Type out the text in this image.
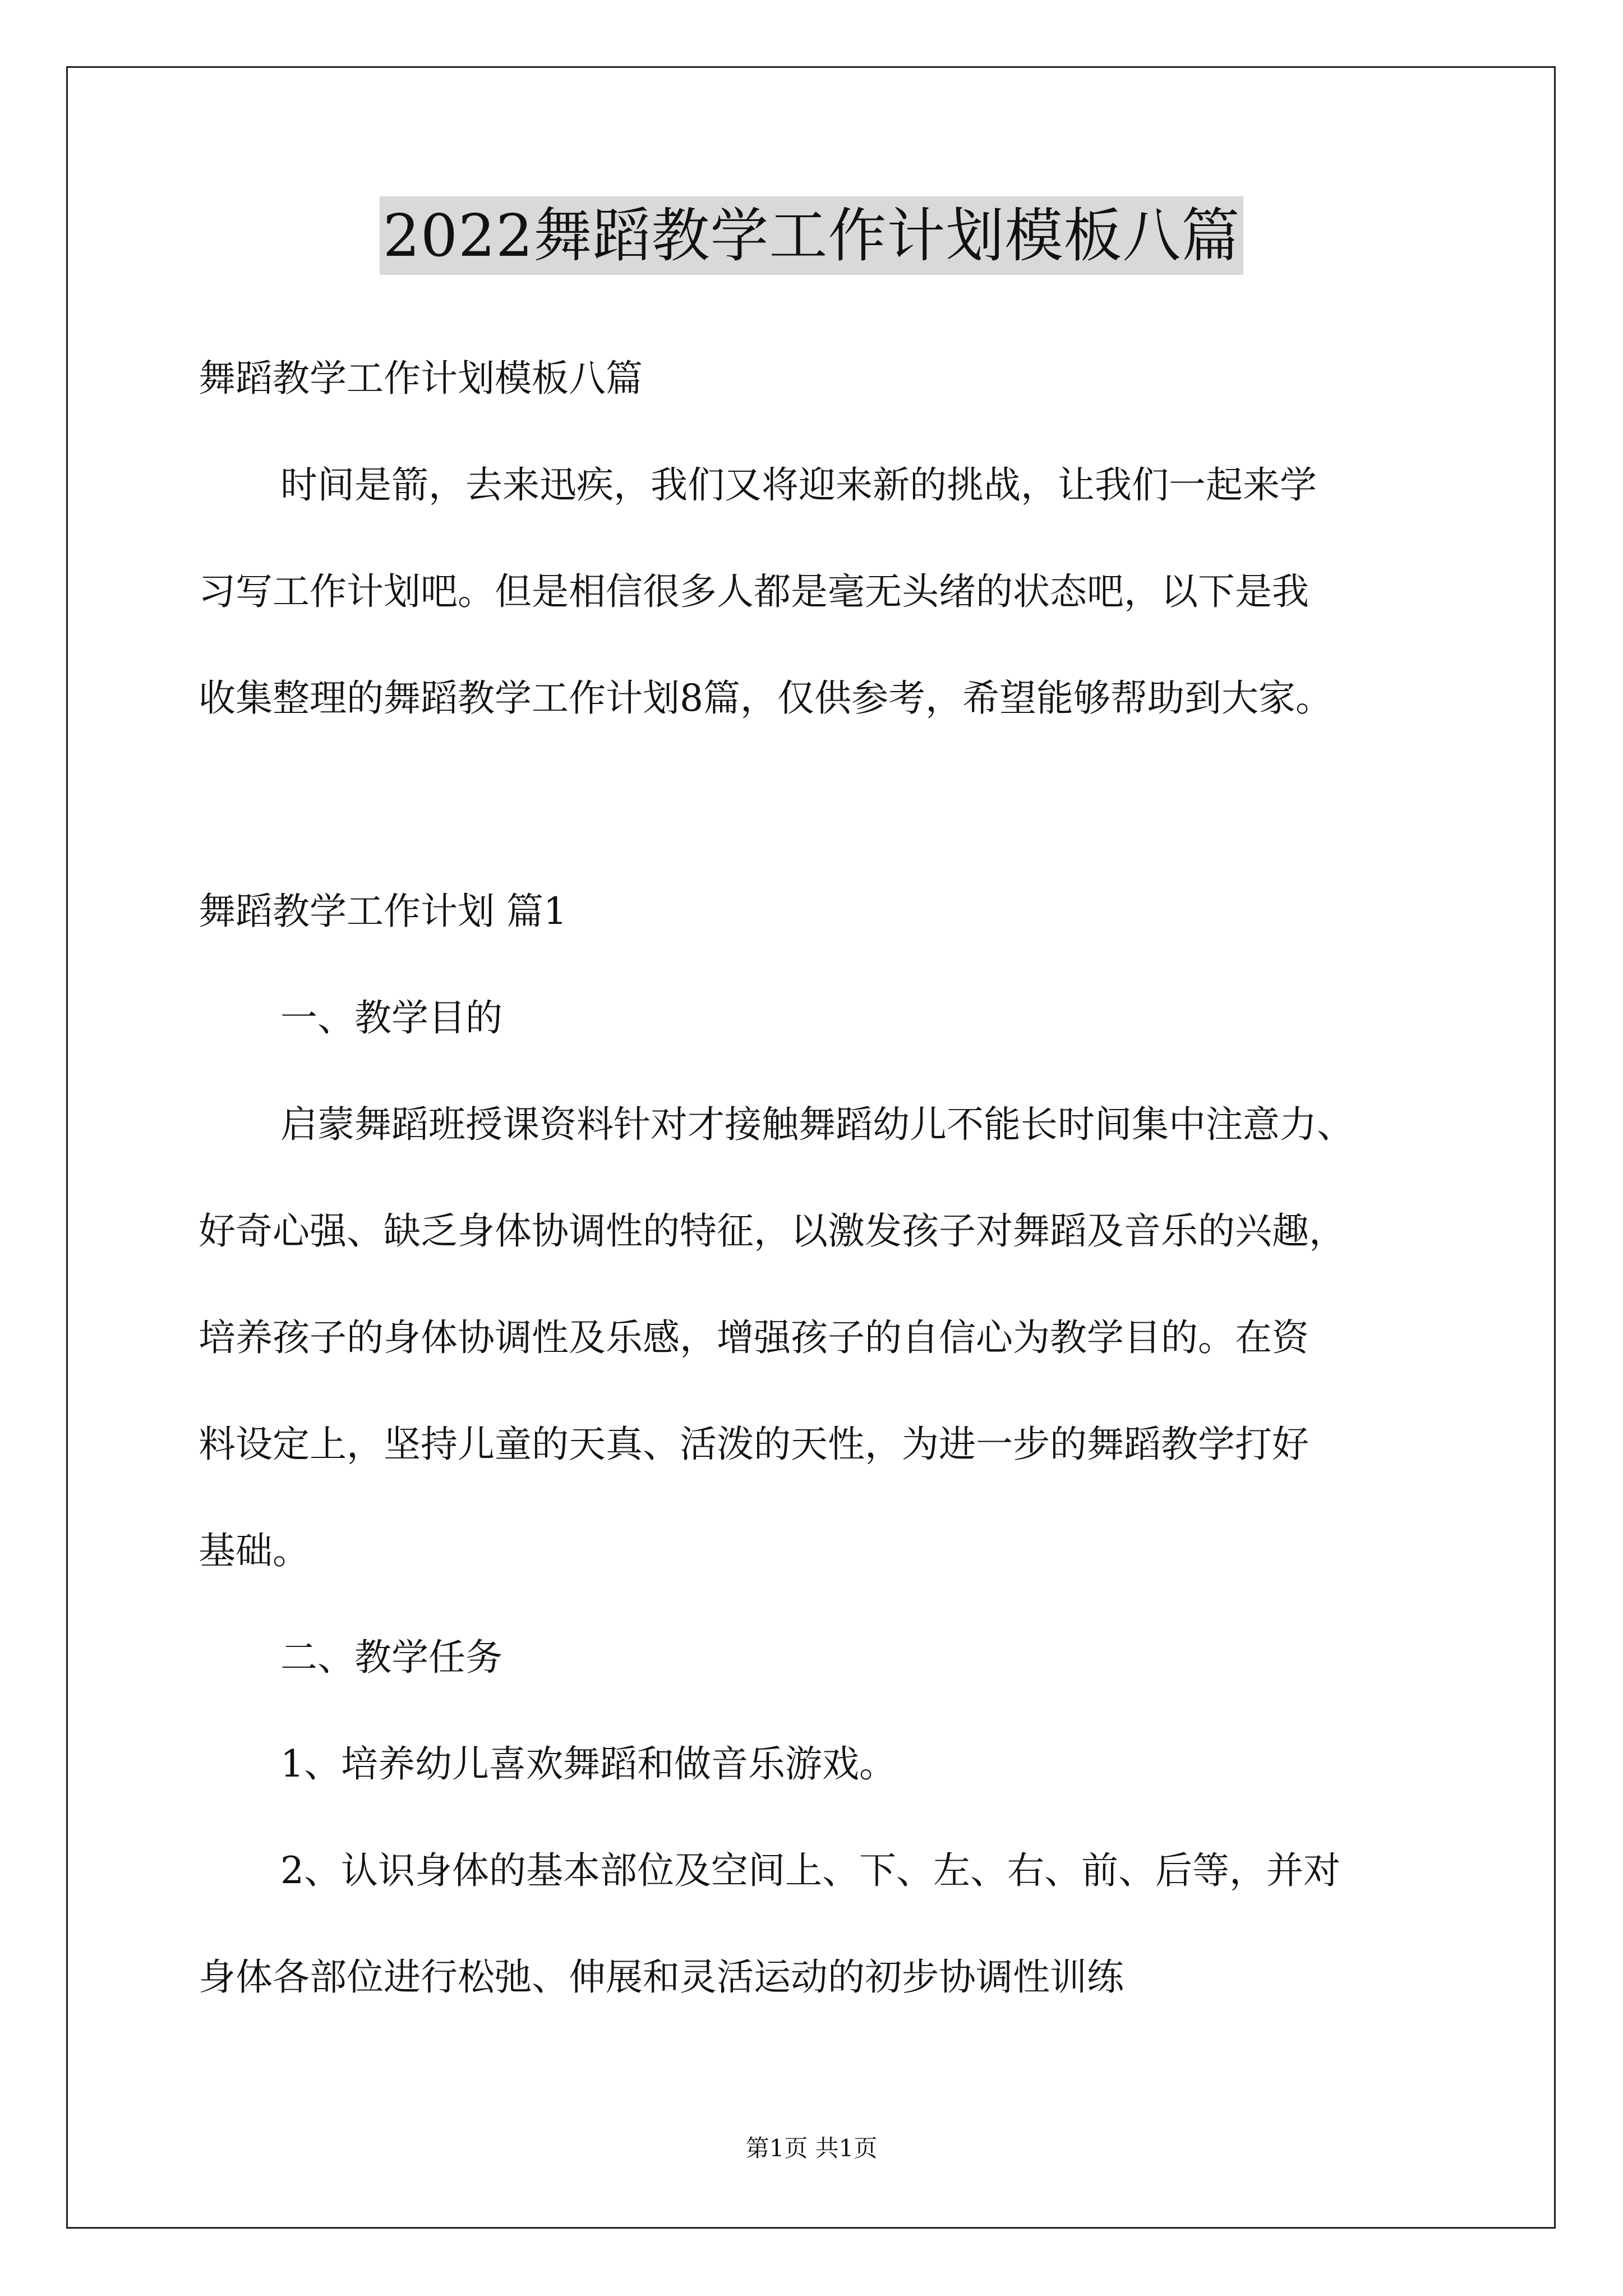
2022舞蹈教学工作计划模板八篇
舞蹈教学工作计划模板八篇
时间是箭，去来迅疾，我们又将迎来新的挑战，让我们一起来学
习写工作计划吧。但是相信很多人都是毫无头绪的状态吧，以下是我
收集整理的舞蹈教学工作计划8篇，仅供参考，希望能够帮助到大家。
舞蹈教学工作计划 篇1
一、教学目的
启蒙舞蹈班授课资料针对才接触舞蹈幼儿不能长时间集中注意力、
好奇心强、缺乏身体协调性的特征，以激发孩子对舞蹈及音乐的兴趣，
培养孩子的身体协调性及乐感，增强孩子的自信心为教学目的。在资
料设定上，坚持儿童的天真、活泼的天性，为进一步的舞蹈教学打好
基础。
二、教学任务
1、培养幼儿喜欢舞蹈和做音乐游戏。
2、认识身体的基本部位及空间上、下、左、右、前、后等，并对
身体各部位进行松弛、伸展和灵活运动的初步协调性训练
第1页 共1页
